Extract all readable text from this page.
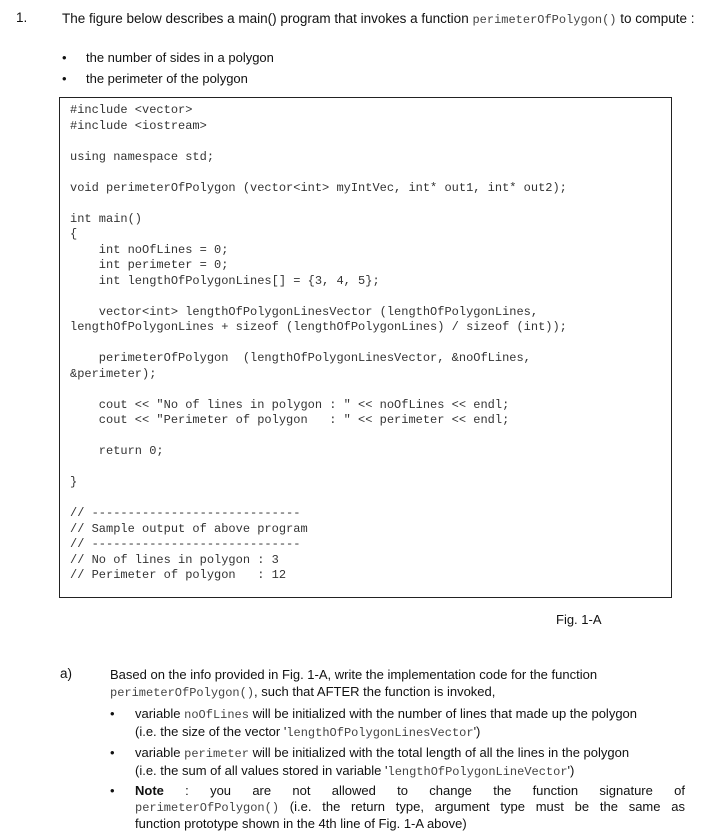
1.	The figure below describes a main() program that invokes a function perimeterOfPolygon() to compute :
• the number of sides in a polygon
• the perimeter of the polygon
#include <vector>
#include <iostream>

using namespace std;

void perimeterOfPolygon (vector<int> myIntVec, int* out1, int* out2);

int main()
{
int noOfLines = 0;
int perimeter = 0;
int lengthOfPolygonLines[] = {3, 4, 5};

vector<int> lengthOfPolygonLinesVector (lengthOfPolygonLines,
lengthOfPolygonLines + sizeof (lengthOfPolygonLines) / sizeof (int));

perimeterOfPolygon  (lengthOfPolygonLinesVector, &noOfLines,
&perimeter);

cout << "No of lines in polygon : " << noOfLines << endl;
cout << "Perimeter of polygon   : " << perimeter << endl;

return 0;

}

// -----------------------------
// Sample output of above program
// -----------------------------
// No of lines in polygon : 3
// Perimeter of polygon   : 12

Fig. 1-A
a)	Based on the info provided in Fig. 1-A, write the implementation code for the function
perimeterOfPolygon(), such that AFTER the function is invoked,
• variable noOfLines will be initialized with the number of lines that made up the polygon
(i.e. the size of the vector 'lengthOfPolygonLinesVector')
• variable perimeter will be initialized with the total length of all the lines in the polygon
(i.e. the sum of all values stored in variable 'lengthOfPolygonLineVector')
• Note : you are not allowed to change the function signature of
perimeterOfPolygon() (i.e. the return type, argument type must be the same as
function prototype shown in the 4th line of Fig. 1-A above)
